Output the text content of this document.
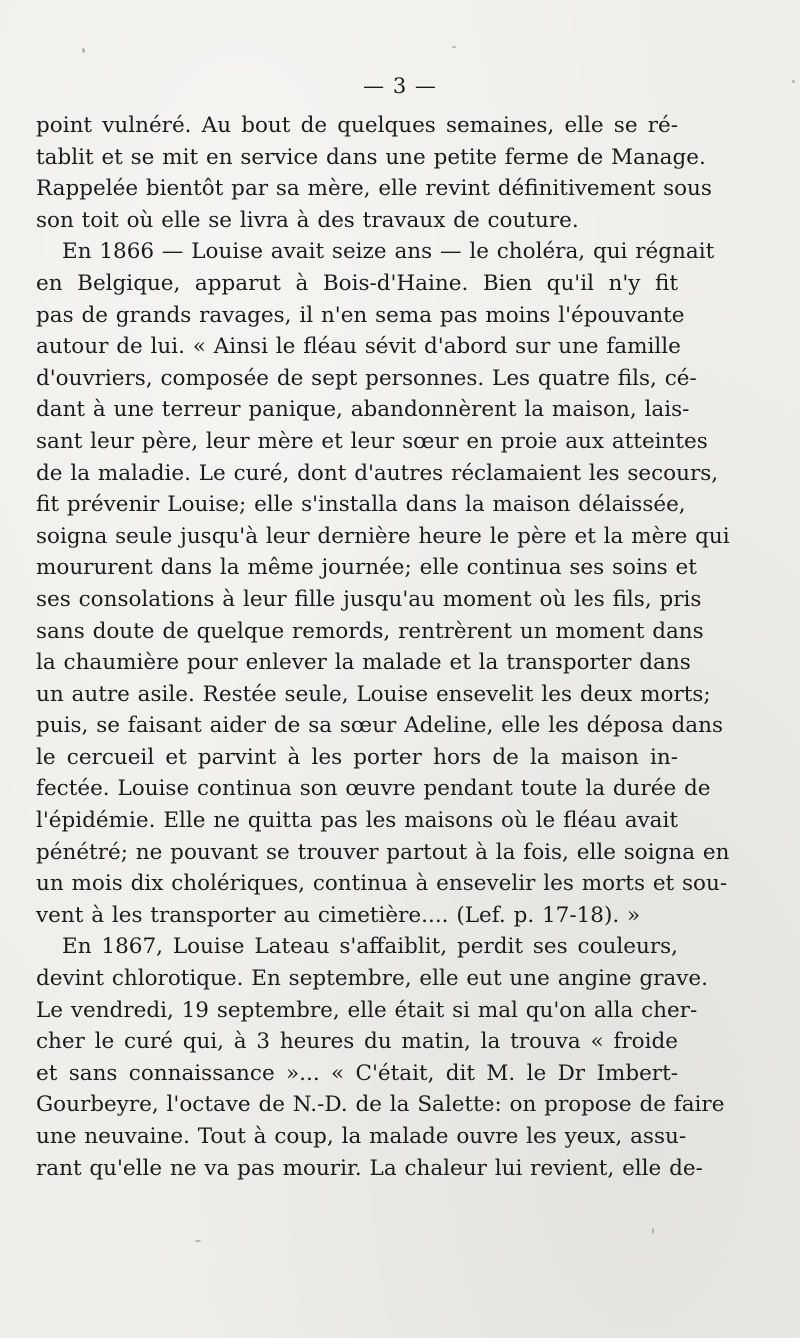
— 3 —
point vulnéré. Au bout de quelques semaines, elle se ré-
tablit et se mit en service dans une petite ferme de Manage.
Rappelée bientôt par sa mère, elle revint définitivement sous
son toit où elle se livra à des travaux de couture.
En 1866 — Louise avait seize ans — le choléra, qui régnait
en Belgique, apparut à Bois-d'Haine. Bien qu'il n'y fit
pas de grands ravages, il n'en sema pas moins l'épouvante
autour de lui. « Ainsi le fléau sévit d'abord sur une famille
d'ouvriers, composée de sept personnes. Les quatre fils, cé-
dant à une terreur panique, abandonnèrent la maison, lais-
sant leur père, leur mère et leur sœur en proie aux atteintes
de la maladie. Le curé, dont d'autres réclamaient les secours,
fit prévenir Louise; elle s'installa dans la maison délaissée,
soigna seule jusqu'à leur dernière heure le père et la mère qui
moururent dans la même journée; elle continua ses soins et
ses consolations à leur fille jusqu'au moment où les fils, pris
sans doute de quelque remords, rentrèrent un moment dans
la chaumière pour enlever la malade et la transporter dans
un autre asile. Restée seule, Louise ensevelit les deux morts;
puis, se faisant aider de sa sœur Adeline, elle les déposa dans
le cercueil et parvint à les porter hors de la maison in-
fectée. Louise continua son œuvre pendant toute la durée de
l'épidémie. Elle ne quitta pas les maisons où le fléau avait
pénétré; ne pouvant se trouver partout à la fois, elle soigna en
un mois dix cholériques, continua à ensevelir les morts et sou-
vent à les transporter au cimetière.... (Lef. p. 17-18). »
En 1867, Louise Lateau s'affaiblit, perdit ses couleurs,
devint chlorotique. En septembre, elle eut une angine grave.
Le vendredi, 19 septembre, elle était si mal qu'on alla cher-
cher le curé qui, à 3 heures du matin, la trouva « froide
et sans connaissance »... « C'était, dit M. le Dr Imbert-
Gourbeyre, l'octave de N.-D. de la Salette: on propose de faire
une neuvaine. Tout à coup, la malade ouvre les yeux, assu-
rant qu'elle ne va pas mourir. La chaleur lui revient, elle de-
